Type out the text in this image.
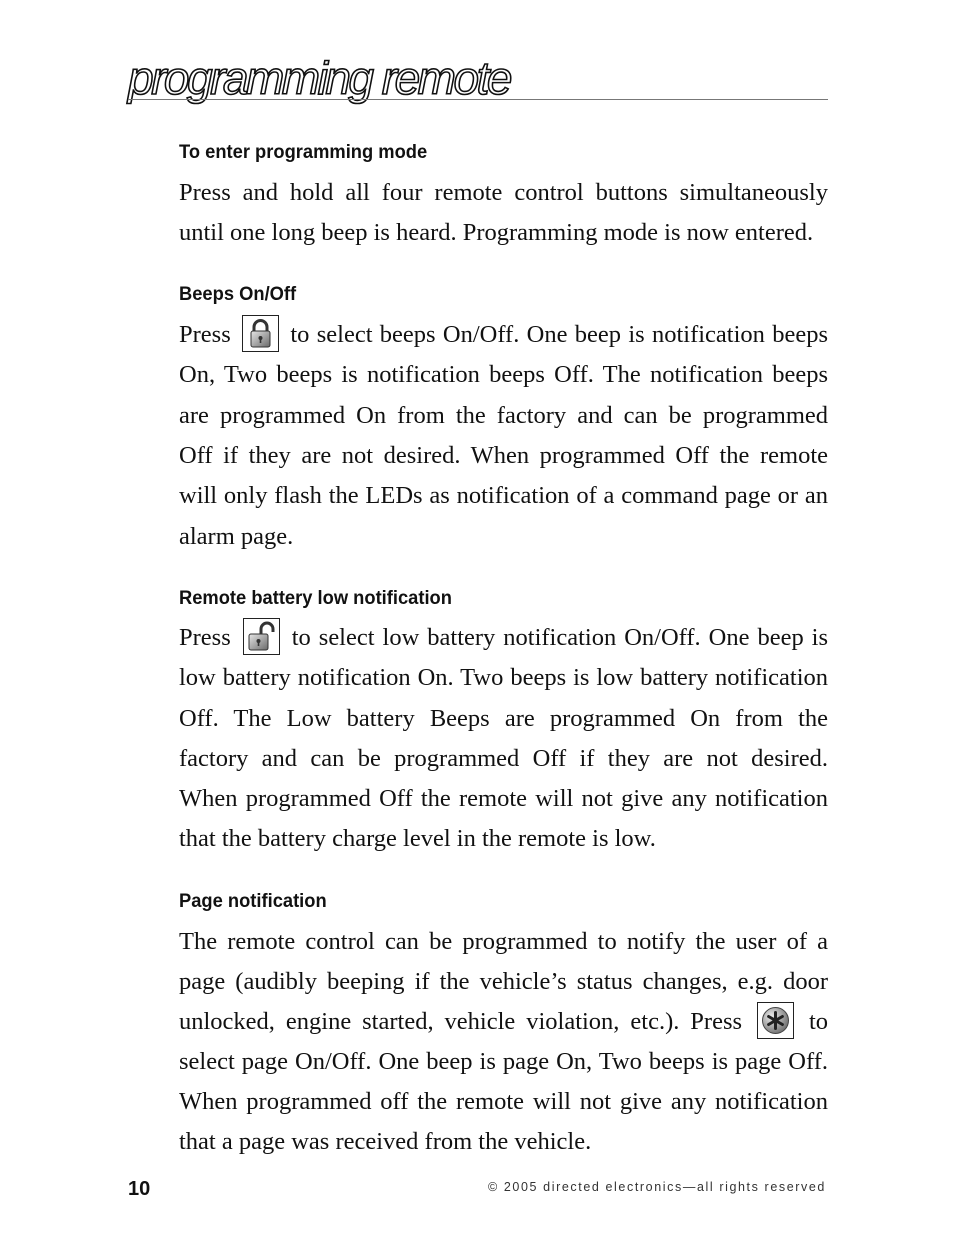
programming remote
To enter programming mode

Press and hold all four remote control buttons simultaneously

until one long beep is heard. Programming mode is now entered.

Beeps On/Off

Press to select beeps On/Off. One beep is notification beeps

On, Two beeps is notification beeps Off. The notification beeps

are programmed On from the factory and can be programmed

Off if they are not desired. When programmed Off the remote

will only flash the LEDs as notification of a command page or an

alarm page.

Remote battery low notification

Press to select low battery notification On/Off. One beep is

low battery notification On. Two beeps is low battery notification

Off. The Low battery Beeps are programmed On from the

factory and can be programmed Off if they are not desired.

When programmed Off the remote will not give any notification

that the battery charge level in the remote is low.

Page notification

The remote control can be programmed to notify the user of a

page (audibly beeping if the vehicle’s status changes, e.g. door

unlocked, engine started, vehicle violation, etc.). Press	to

select page On/Off. One beep is page On, Two beeps is page Off.

When programmed off the remote will not give any notification

that a page was received from the vehicle.

10	© 2005 directed electronics—all rights reserved
